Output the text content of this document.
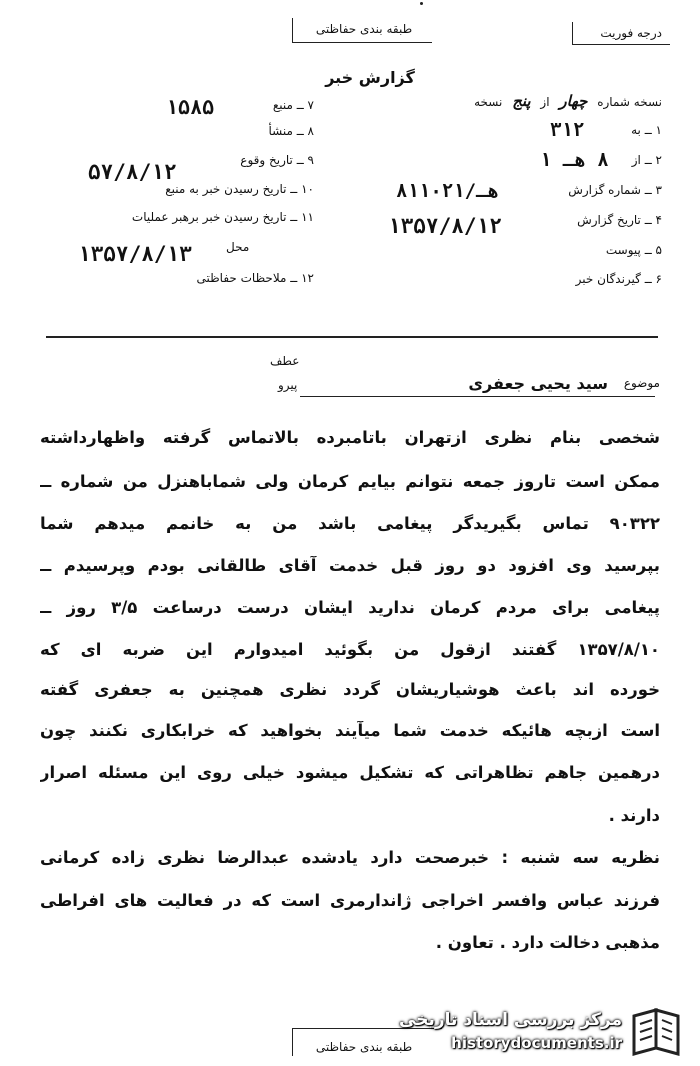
طبقه بندی حفاظتی	درجه فوریت
گزارش خبر
نسخه شماره چهار از پنج نسخه
۱ ــ به
۳۱۲
۲ ــ از
۸ هـ ۱
۳ ــ شماره گزارش
۸هـ/۱۱۰۲۱
۴ ــ تاریخ گزارش
۱۳۵۷/۸/۱۲
۵ ــ پیوست
۶ ــ گیرندگان خبر
۷ ــ منبع
۱۵۸۵
۸ ــ منشأ
۹ ــ تاریخ وقوع
۵۷/۸/۱۲
۱۰ ــ تاریخ رسیدن خبر به منبع
۱۱ ــ تاریخ رسیدن خبر برهبر عملیات
محل
۱۳۵۷/۸/۱۳
۱۲ ــ ملاحظات حفاظتی
عطف
پیرو	موضوع
سید یحیی جعفری
شخصی بنام نظری ازتهران باتامبرده بالاتماس گرفته واظهارداشته
ممکن است تاروز جمعه نتوانم بیایم کرمان ولی شماباهنزل من شماره ــ
۹۰۳۲۲ تماس بگیریدگر پیغامی باشد من به خانمم میدهم شما
بپرسید وی افزود دو روز قبل خدمت آقای طالقانی بودم وپرسیدم ــ
پیغامی برای مردم کرمان ندارید ایشان درست درساعت ۳/۵ روز ــ
۱۳۵۷/۸/۱۰ گفتند ازقول من بگوئید امیدوارم این ضربه ای که
خورده اند باعث هوشیاریشان گردد نظری همچنین به جعفری گفته
است ازبچه هائیکه خدمت شما میآیند بخواهید که خرابکاری نکنند چون
درهمین جاهم تظاهراتی که تشکیل میشود خیلی روی این مسئله اصرار
دارند .
نظریه سه شنبه : خبرصحت دارد یادشده عبدالرضا نظری زاده کرمانی
فرزند عباس وافسر اخراجی ژاندارمری است که در فعالیت های افراطی
مذهبی دخالت دارد . تعاون .
طبقه بندی حفاظتی
مرکز بررسی اسناد تاریخی
historydocuments.ir
